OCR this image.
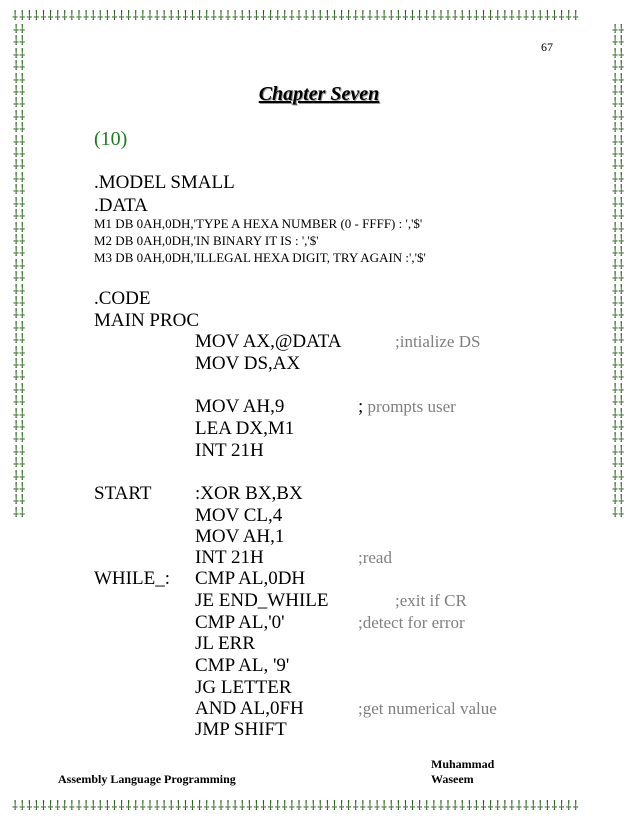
⸸⸸⸸⸸⸸⸸⸸⸸⸸⸸⸸⸸⸸⸸⸸⸸⸸⸸⸸⸸⸸⸸⸸⸸⸸⸸⸸⸸⸸⸸⸸⸸⸸⸸⸸⸸⸸⸸⸸⸸⸸⸸⸸⸸⸸⸸⸸⸸⸸⸸⸸⸸⸸⸸⸸⸸⸸⸸⸸⸸⸸⸸⸸⸸⸸⸸⸸⸸⸸⸸⸸⸸⸸⸸⸸⸸⸸⸸⸸⸸
⸸⸸⸸⸸⸸⸸⸸⸸⸸⸸⸸⸸⸸⸸⸸⸸⸸⸸⸸⸸⸸⸸⸸⸸⸸⸸⸸⸸⸸⸸⸸⸸⸸⸸⸸⸸⸸⸸⸸⸸⸸⸸⸸⸸⸸⸸⸸⸸⸸⸸⸸⸸⸸⸸⸸⸸⸸⸸⸸⸸⸸⸸⸸⸸⸸⸸⸸⸸⸸⸸⸸⸸⸸⸸⸸⸸⸸⸸⸸⸸
⸸⸸⸸⸸⸸⸸⸸⸸⸸⸸⸸⸸⸸⸸⸸⸸⸸⸸⸸⸸⸸⸸⸸⸸⸸⸸⸸⸸⸸⸸⸸⸸⸸⸸⸸⸸⸸⸸⸸⸸⸸⸸⸸⸸⸸⸸⸸⸸⸸⸸⸸⸸⸸⸸⸸⸸⸸⸸⸸⸸⸸⸸⸸⸸⸸⸸⸸⸸⸸⸸⸸⸸⸸⸸⸸⸸⸸⸸⸸⸸
⸸⸸⸸⸸⸸⸸⸸⸸⸸⸸⸸⸸⸸⸸⸸⸸⸸⸸⸸⸸⸸⸸⸸⸸⸸⸸⸸⸸⸸⸸⸸⸸⸸⸸⸸⸸⸸⸸⸸⸸⸸⸸⸸⸸⸸⸸⸸⸸⸸⸸⸸⸸⸸⸸⸸⸸⸸⸸⸸⸸⸸⸸⸸⸸⸸⸸⸸⸸⸸⸸⸸⸸⸸⸸⸸⸸⸸⸸⸸⸸
67
Chapter Seven
(10)
.MODEL SMALL
.DATA
M1 DB 0AH,0DH,'TYPE A HEXA NUMBER (0 - FFFF) : ','$'
M2 DB 0AH,0DH,'IN BINARY IT IS : ','$'
M3 DB 0AH,0DH,'ILLEGAL HEXA DIGIT, TRY AGAIN :','$'
.CODE
MAIN PROC
MOV AX,@DATA	;intialize DS
MOV DS,AX
MOV AH,9	; prompts user
LEA DX,M1
INT 21H
START :XOR BX,BX
MOV CL,4
MOV AH,1
INT 21H	;read
WHILE_: CMP AL,0DH
JE END_WHILE	;exit if CR
CMP AL,'0'	;detect for error
JL ERR
CMP AL, '9'
JG LETTER
AND AL,0FH	;get numerical value
JMP SHIFT
Assembly Language Programming
Muhammad
Waseem
